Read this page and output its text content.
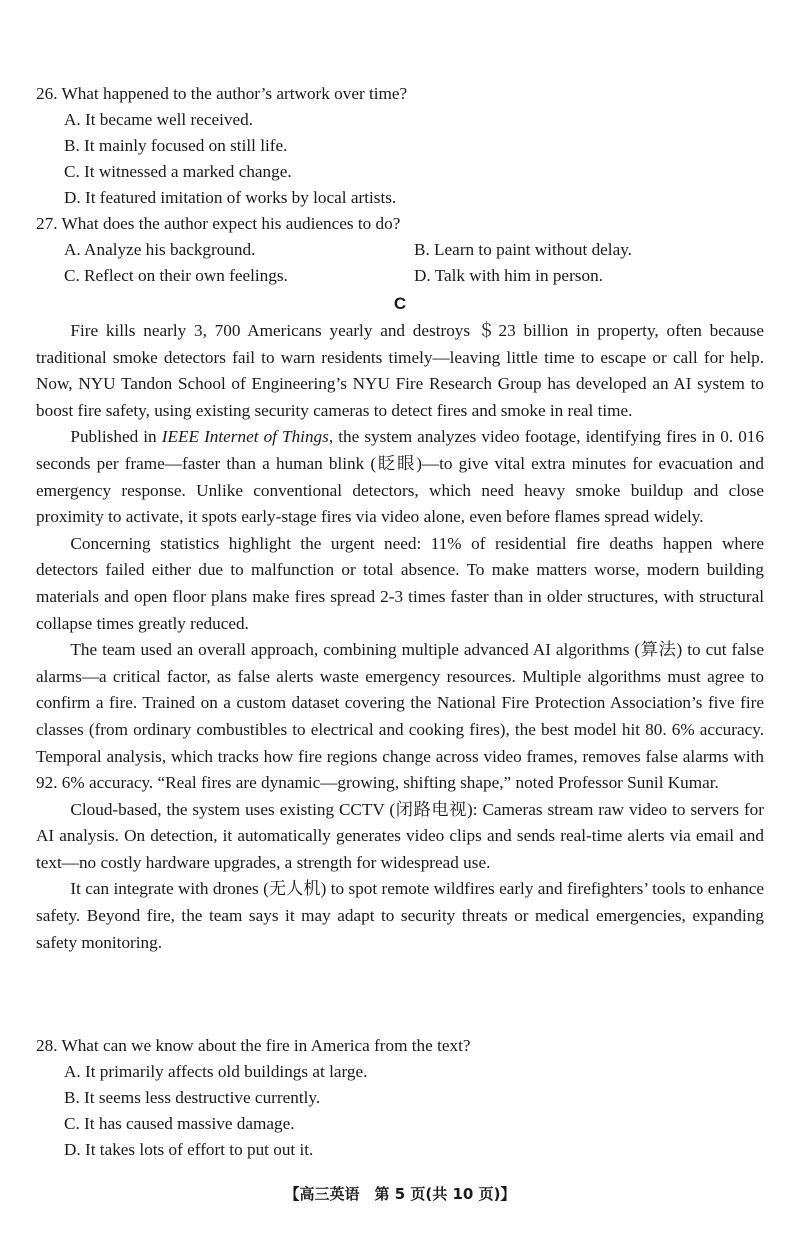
26. What happened to the author’s artwork over time?
A. It became well received.
B. It mainly focused on still life.
C. It witnessed a marked change.
D. It featured imitation of works by local artists.
27. What does the author expect his audiences to do?
A. Analyze his background.	B. Learn to paint without delay.
C. Reflect on their own feelings.	D. Talk with him in person.
C

Fire kills nearly 3, 700 Americans yearly and destroys ＄23 billion in property, often because traditional smoke detectors fail to warn residents timely—leaving little time to escape or call for help. Now, NYU Tandon School of Engineering’s NYU Fire Research Group has developed an AI system to boost fire safety, using existing security cameras to detect fires and smoke in real time.

Published in IEEE Internet of Things, the system analyzes video footage, identifying fires in 0. 016 seconds per frame—faster than a human blink (眨眼)—to give vital extra minutes for evacuation and emergency response. Unlike conventional detectors, which need heavy smoke buildup and close proximity to activate, it spots early-stage fires via video alone, even before flames spread widely.

Concerning statistics highlight the urgent need: 11% of residential fire deaths happen where detectors failed either due to malfunction or total absence. To make matters worse, modern building materials and open floor plans make fires spread 2-3 times faster than in older structures, with structural collapse times greatly reduced.

The team used an overall approach, combining multiple advanced AI algorithms (算法) to cut false alarms—a critical factor, as false alerts waste emergency resources. Multiple algorithms must agree to confirm a fire. Trained on a custom dataset covering the National Fire Protection Association’s five fire classes (from ordinary combustibles to electrical and cooking fires), the best model hit 80. 6% accuracy. Temporal analysis, which tracks how fire regions change across video frames, removes false alarms with 92. 6% accuracy. “Real fires are dynamic—growing, shifting shape,” noted Professor Sunil Kumar.

Cloud-based, the system uses existing CCTV (闭路电视): Cameras stream raw video to servers for AI analysis. On detection, it automatically generates video clips and sends real-time alerts via email and text—no costly hardware upgrades, a strength for widespread use.

It can integrate with drones (无人机) to spot remote wildfires early and firefighters’ tools to enhance safety. Beyond fire, the team says it may adapt to security threats or medical emergencies, expanding safety monitoring.

28. What can we know about the fire in America from the text?
A. It primarily affects old buildings at large.
B. It seems less destructive currently.
C. It has caused massive damage.
D. It takes lots of effort to put out it.
【高三英语　第 5 页(共 10 页)】
